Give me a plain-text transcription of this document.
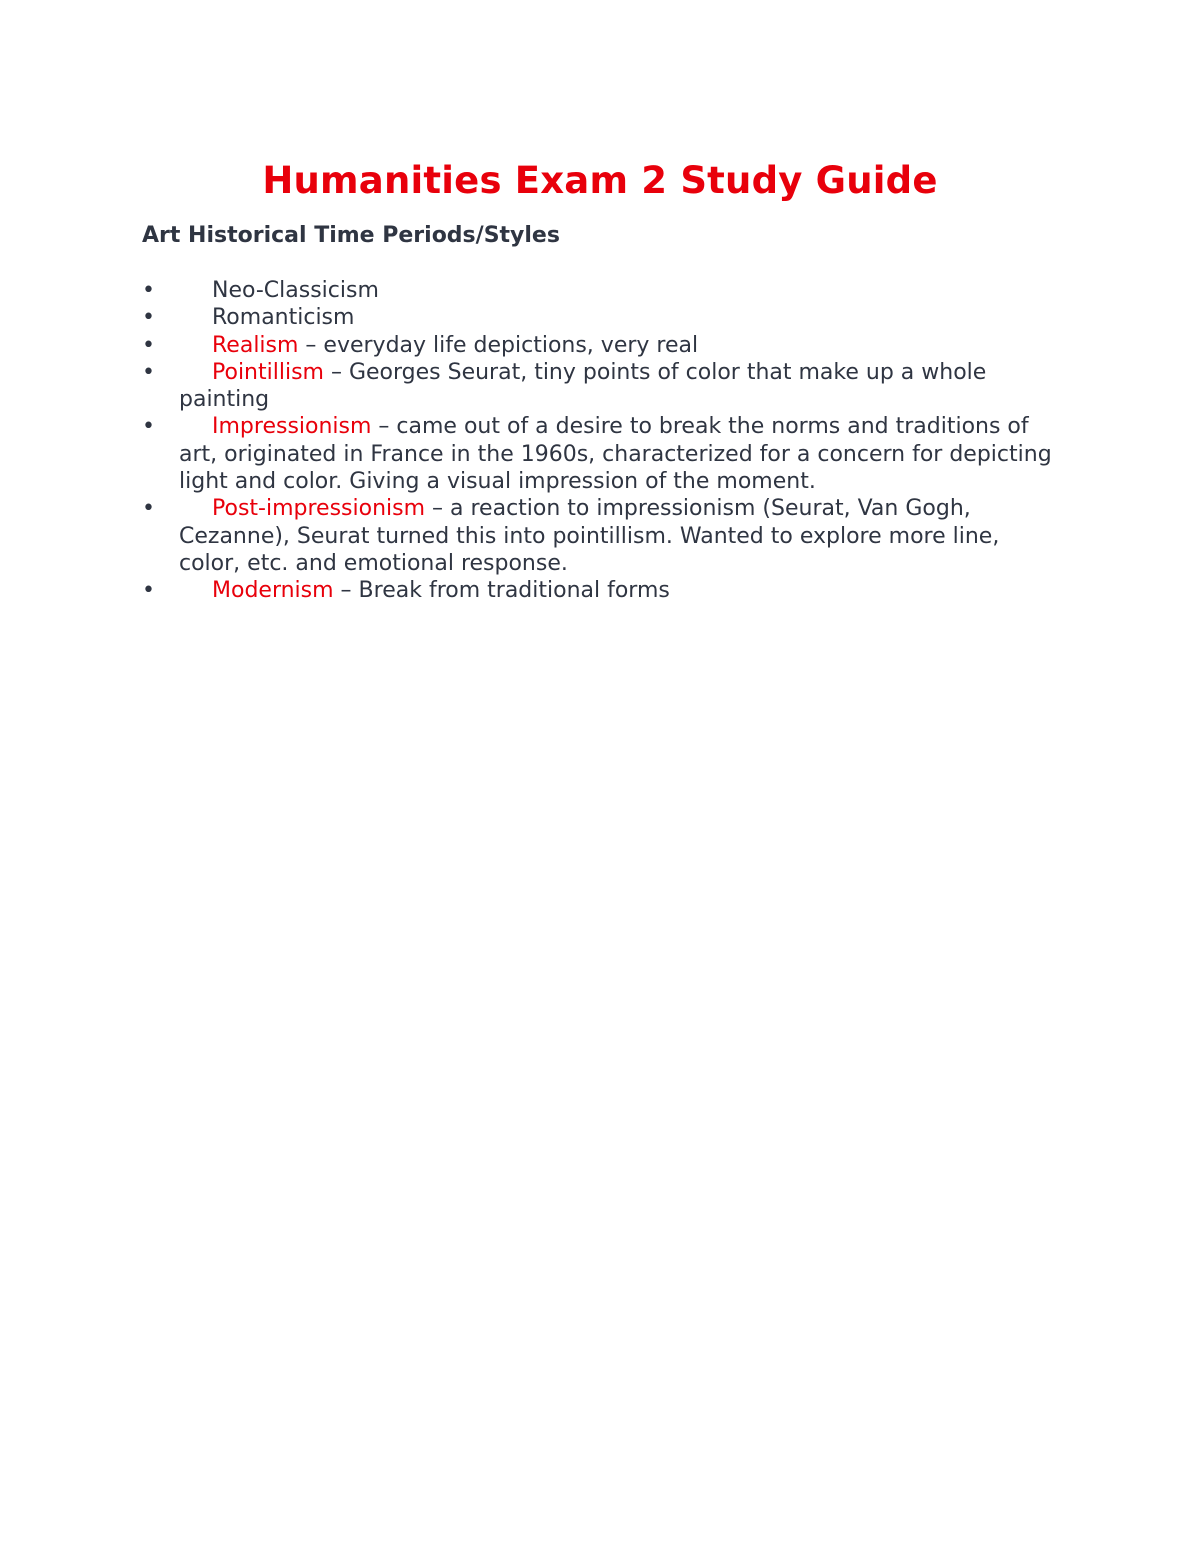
Humanities Exam 2 Study Guide
Art Historical Time Periods/Styles
•	Neo-Classicism
•	Romanticism
•	Realism – everyday life depictions, very real
•	Pointillism – Georges Seurat, tiny points of color that make up a whole painting
•	Impressionism – came out of a desire to break the norms and traditions of art, originated in France in the 1960s, characterized for a concern for depicting light and color. Giving a visual impression of the moment.
•	Post-impressionism – a reaction to impressionism (Seurat, Van Gogh, Cezanne), Seurat turned this into pointillism. Wanted to explore more line, color, etc. and emotional response.
•	Modernism – Break from traditional forms
